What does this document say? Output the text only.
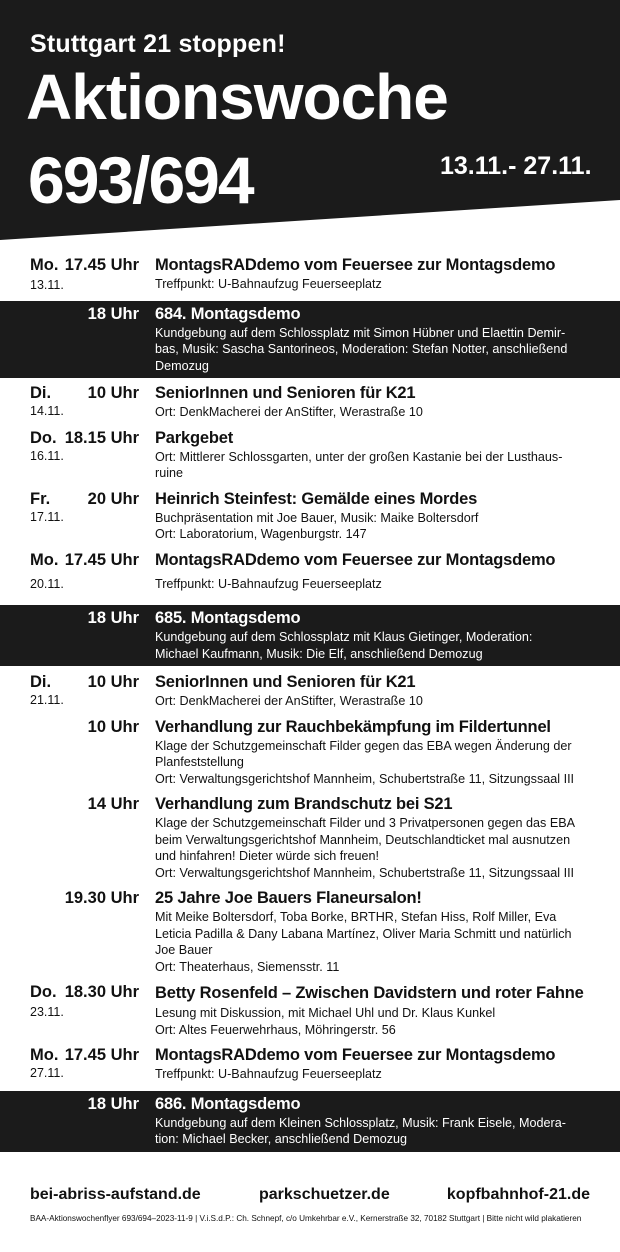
Stuttgart 21 stoppen!
Aktionswoche
693/694	13.11.- 27.11.
Mo. 17.45 Uhr
13.11.
MontagsRADdemo vom Feuersee zur Montagsdemo
Treffpunkt: U-Bahnaufzug Feuerseeplatz
18 Uhr 684. Montagsdemo
Kundgebung auf dem Schlossplatz mit Simon Hübner und Elaettin Demir-
bas, Musik: Sascha Santorineos, Moderation: Stefan Notter, anschließend
Demozug
Di. 10 Uhr
14.11.
SeniorInnen und Senioren für K21
Ort: DenkMacherei der AnStifter, Werastraße 10
Do. 18.15 Uhr
16.11.
Parkgebet
Ort: Mittlerer Schlossgarten, unter der großen Kastanie bei der Lusthaus-
ruine
Fr. 20 Uhr
17.11.
Heinrich Steinfest: Gemälde eines Mordes
Buchpräsentation mit Joe Bauer, Musik: Maike Boltersdorf
Ort: Laboratorium, Wagenburgstr. 147
Mo. 17.45 Uhr
20.11.
MontagsRADdemo vom Feuersee zur Montagsdemo
Treffpunkt: U-Bahnaufzug Feuerseeplatz
18 Uhr 685. Montagsdemo
Kundgebung auf dem Schlossplatz mit Klaus Gietinger, Moderation:
Michael Kaufmann, Musik: Die Elf, anschließend Demozug
Di. 10 Uhr
21.11.
SeniorInnen und Senioren für K21
Ort: DenkMacherei der AnStifter, Werastraße 10
10 Uhr Verhandlung zur Rauchbekämpfung im Fildertunnel
Klage der Schutzgemeinschaft Filder gegen das EBA wegen Änderung der
Planfeststellung
Ort: Verwaltungsgerichtshof Mannheim, Schubertstraße 11, Sitzungssaal III
14 Uhr Verhandlung zum Brandschutz bei S21
Klage der Schutzgemeinschaft Filder und 3 Privatpersonen gegen das EBA
beim Verwaltungsgerichtshof Mannheim, Deutschlandticket mal ausnutzen
und hinfahren! Dieter würde sich freuen!
Ort: Verwaltungsgerichtshof Mannheim, Schubertstraße 11, Sitzungssaal III
19.30 Uhr 25 Jahre Joe Bauers Flaneursalon!
Mit Meike Boltersdorf, Toba Borke, BRTHR, Stefan Hiss, Rolf Miller, Eva
Leticia Padilla & Dany Labana Martínez, Oliver Maria Schmitt und natürlich
Joe Bauer
Ort: Theaterhaus, Siemensstr. 11
Do. 18.30 Uhr
23.11.
Betty Rosenfeld – Zwischen Davidstern und roter Fahne
Lesung mit Diskussion, mit Michael Uhl und Dr. Klaus Kunkel
Ort: Altes Feuerwehrhaus, Möhringerstr. 56
Mo. 17.45 Uhr
27.11.
MontagsRADdemo vom Feuersee zur Montagsdemo
Treffpunkt: U-Bahnaufzug Feuerseeplatz
18 Uhr 686. Montagsdemo
Kundgebung auf dem Kleinen Schlossplatz, Musik: Frank Eisele, Modera-
tion: Michael Becker, anschließend Demozug
bei-abriss-aufstand.de	parkschuetzer.de	kopfbahnhof-21.de
BAA-Aktionswochenflyer 693/694–2023-11-9 | V.i.S.d.P.: Ch. Schnepf, c/o Umkehrbar e.V., Kernerstraße 32, 70182 Stuttgart | Bitte nicht wild plakatieren
